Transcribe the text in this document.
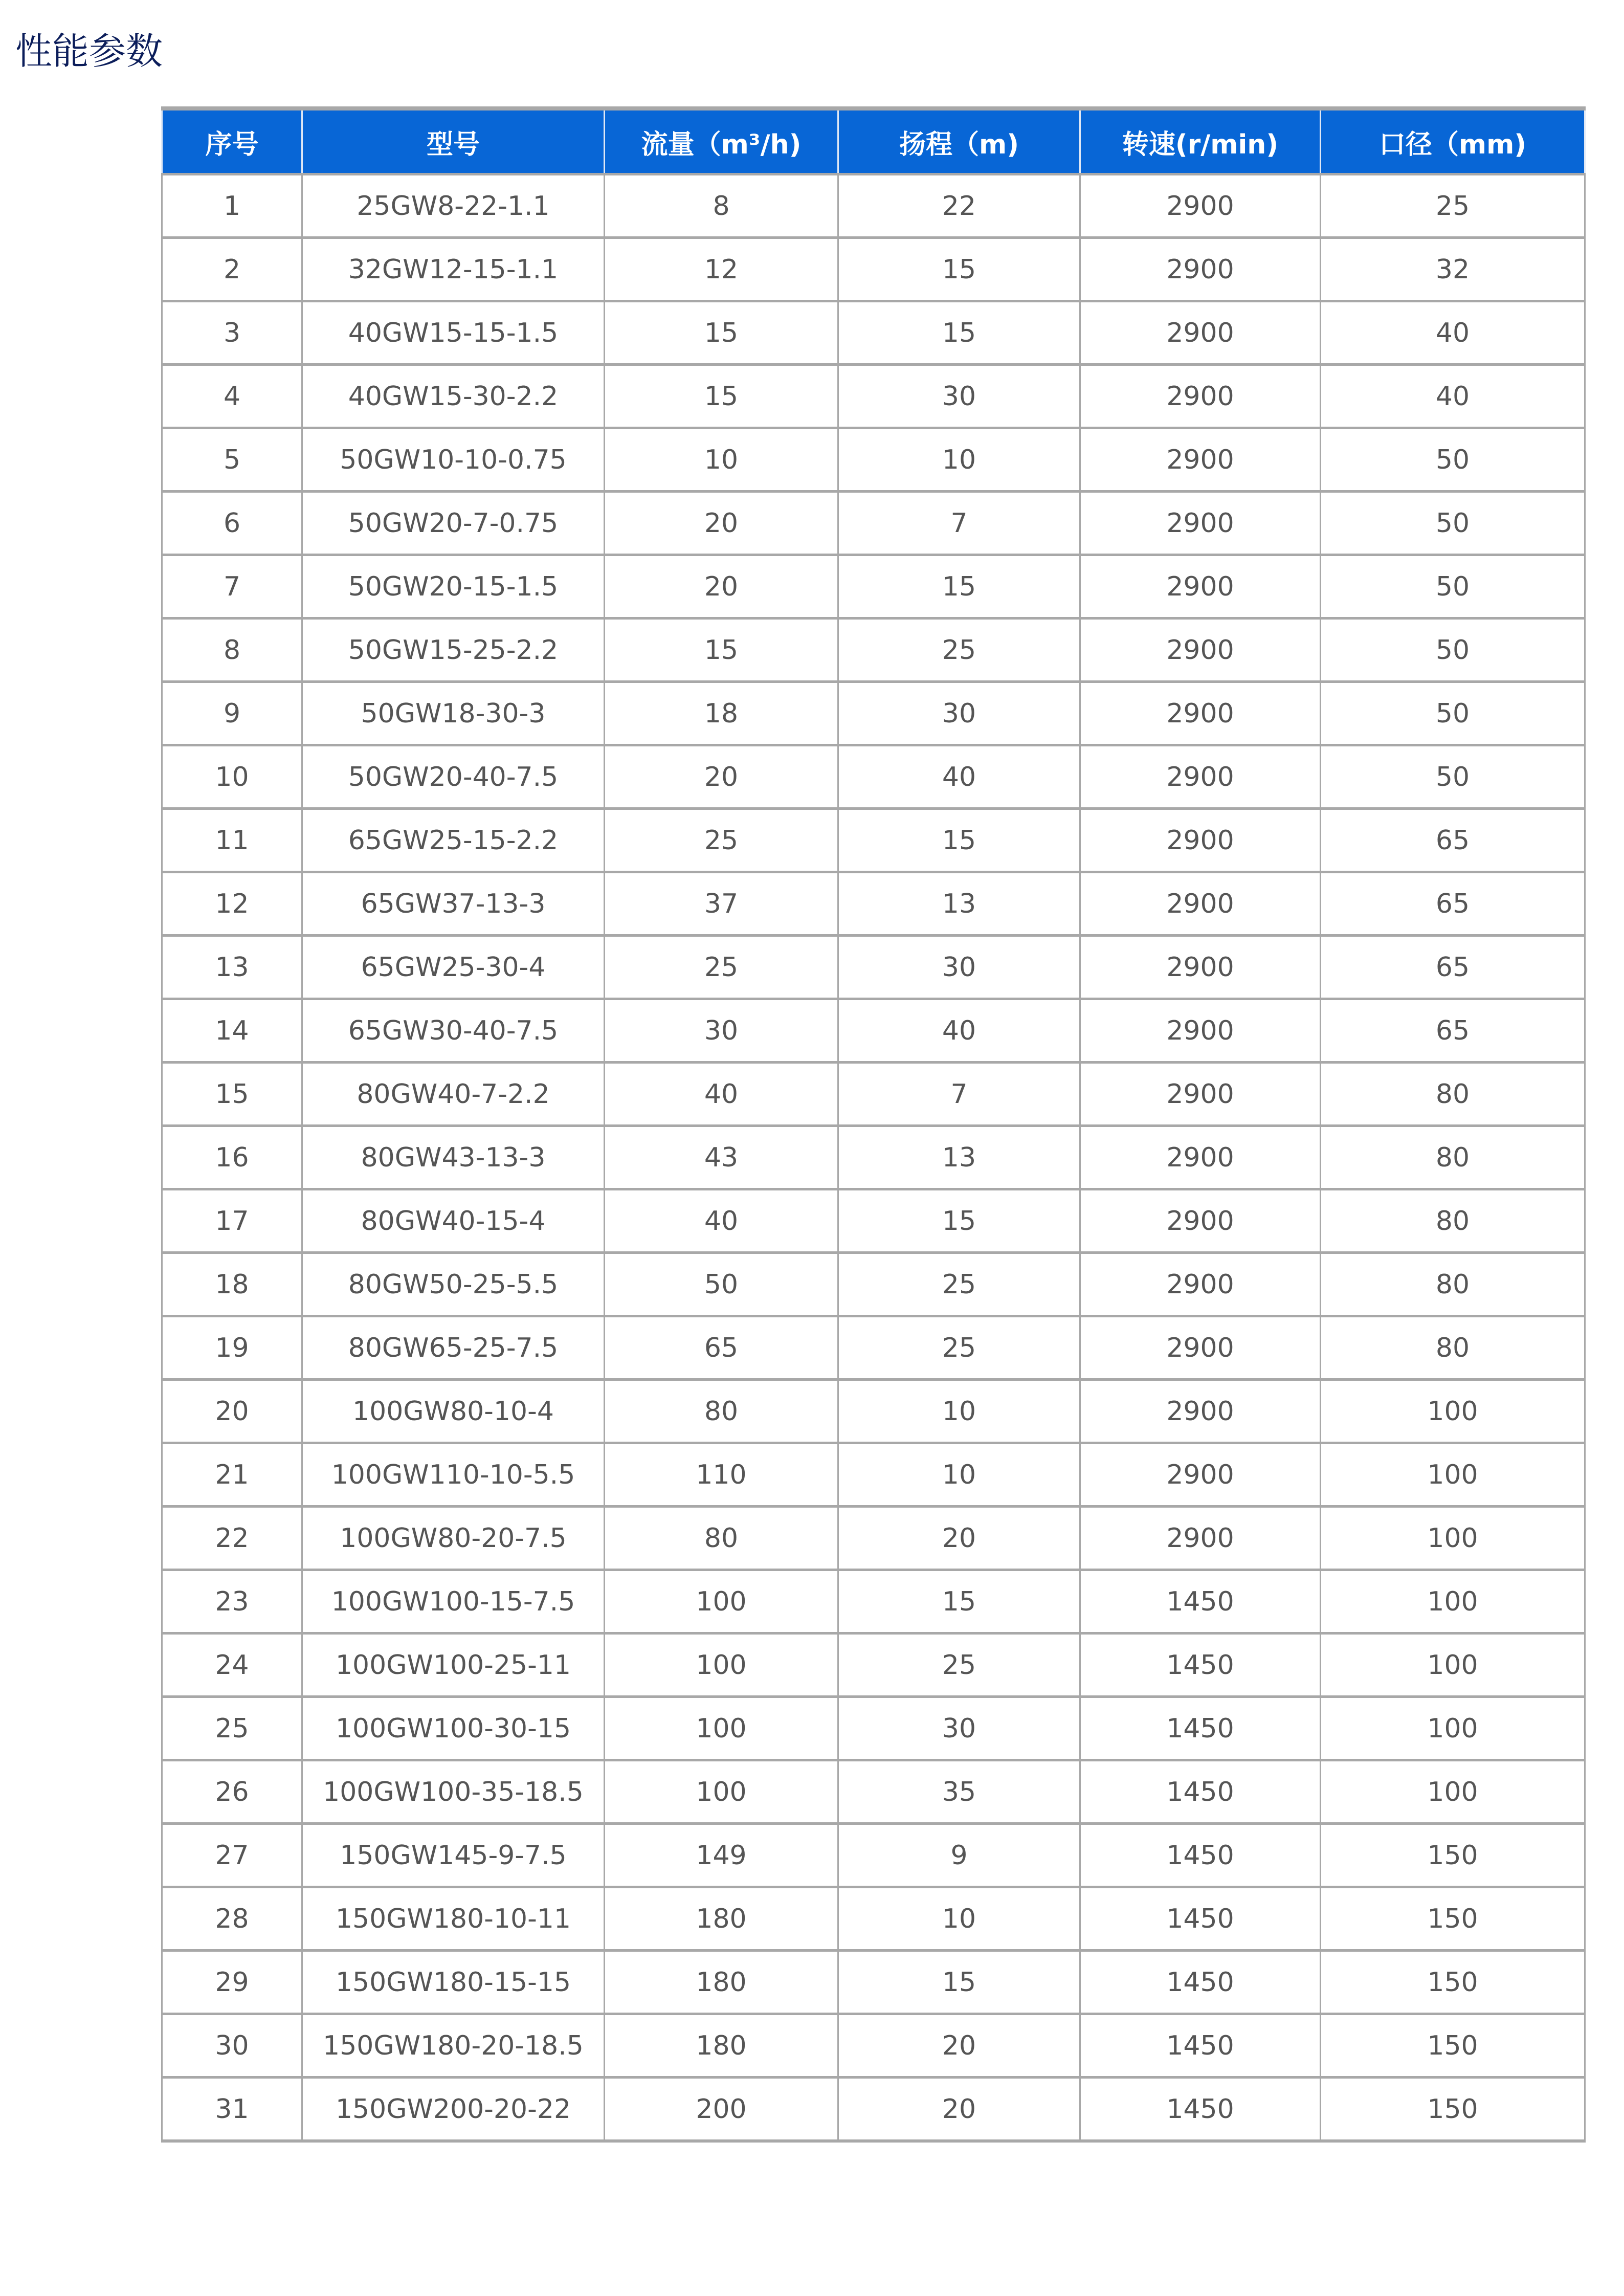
性能参数
序号	型号	流量（m³/h)	扬程（m)	转速(r/min)	口径（mm)
1	25GW8-22-1.1	8	22	2900	25
2	32GW12-15-1.1	12	15	2900	32
3	40GW15-15-1.5	15	15	2900	40
4	40GW15-30-2.2	15	30	2900	40
5	50GW10-10-0.75	10	10	2900	50
6	50GW20-7-0.75	20	7	2900	50
7	50GW20-15-1.5	20	15	2900	50
8	50GW15-25-2.2	15	25	2900	50
9	50GW18-30-3	18	30	2900	50
10	50GW20-40-7.5	20	40	2900	50
11	65GW25-15-2.2	25	15	2900	65
12	65GW37-13-3	37	13	2900	65
13	65GW25-30-4	25	30	2900	65
14	65GW30-40-7.5	30	40	2900	65
15	80GW40-7-2.2	40	7	2900	80
16	80GW43-13-3	43	13	2900	80
17	80GW40-15-4	40	15	2900	80
18	80GW50-25-5.5	50	25	2900	80
19	80GW65-25-7.5	65	25	2900	80
20	100GW80-10-4	80	10	2900	100
21	100GW110-10-5.5	110	10	2900	100
22	100GW80-20-7.5	80	20	2900	100
23	100GW100-15-7.5	100	15	1450	100
24	100GW100-25-11	100	25	1450	100
25	100GW100-30-15	100	30	1450	100
26	100GW100-35-18.5	100	35	1450	100
27	150GW145-9-7.5	149	9	1450	150
28	150GW180-10-11	180	10	1450	150
29	150GW180-15-15	180	15	1450	150
30	150GW180-20-18.5	180	20	1450	150
31	150GW200-20-22	200	20	1450	150
